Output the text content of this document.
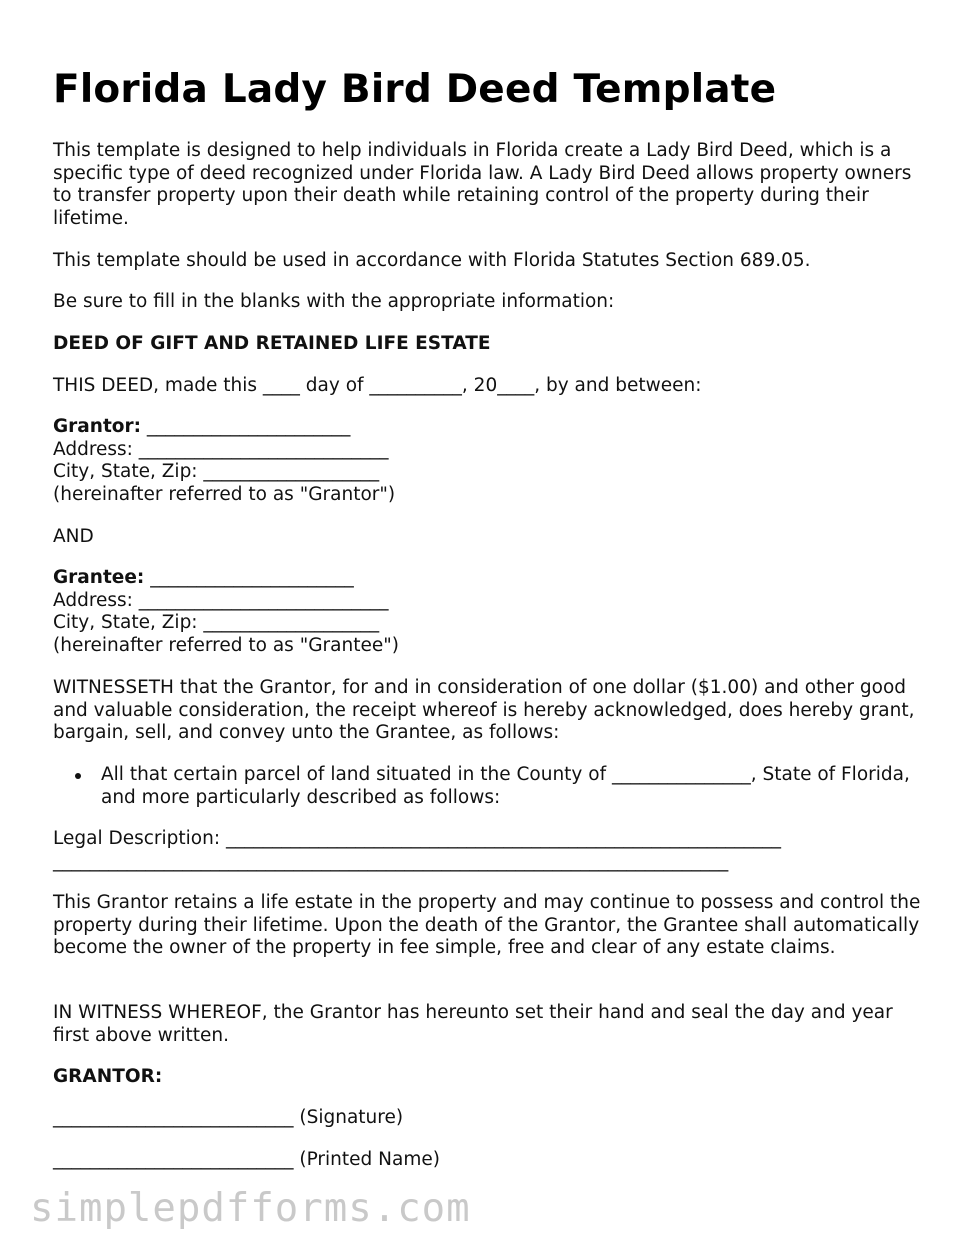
Florida Lady Bird Deed Template
This template is designed to help individuals in Florida create a Lady Bird Deed, which is a specific type of deed recognized under Florida law. A Lady Bird Deed allows property owners to transfer property upon their death while retaining control of the property during their lifetime.
This template should be used in accordance with Florida Statutes Section 689.05.
Be sure to fill in the blanks with the appropriate information:
DEED OF GIFT AND RETAINED LIFE ESTATE
THIS DEED, made this ____ day of __________, 20____, by and between:
Grantor: ______________________
Address: ___________________________
City, State, Zip: ___________________
(hereinafter referred to as "Grantor")
AND
Grantee: ______________________
Address: ___________________________
City, State, Zip: ___________________
(hereinafter referred to as "Grantee")
WITNESSETH that the Grantor, for and in consideration of one dollar ($1.00) and other good and valuable consideration, the receipt whereof is hereby acknowledged, does hereby grant, bargain, sell, and convey unto the Grantee, as follows:
All that certain parcel of land situated in the County of _______________, State of Florida, and more particularly described as follows:
Legal Description: ____________________________________________________________
_________________________________________________________________________
This Grantor retains a life estate in the property and may continue to possess and control the property during their lifetime. Upon the death of the Grantor, the Grantee shall automatically become the owner of the property in fee simple, free and clear of any estate claims.
IN WITNESS WHEREOF, the Grantor has hereunto set their hand and seal the day and year first above written.
GRANTOR:
__________________________ (Signature)
__________________________ (Printed Name)
simplepdfforms.com
